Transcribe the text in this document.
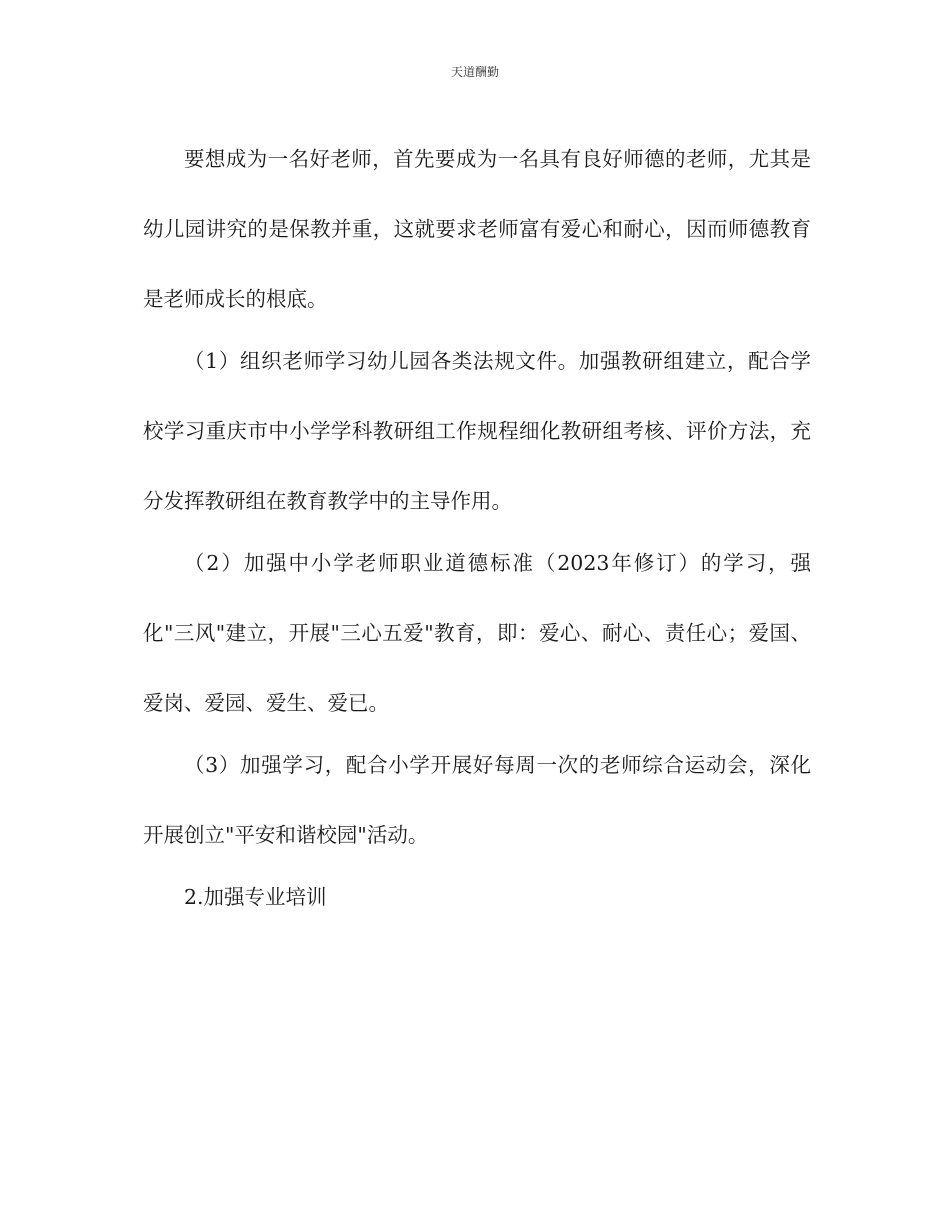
天道酬勤

要想成为一名好老师，首先要成为一名具有良好师德的老师，尤其是幼儿园讲究的是保教并重，这就要求老师富有爱心和耐心，因而师德教育是老师成长的根底。

（1）组织老师学习幼儿园各类法规文件。加强教研组建立，配合学校学习重庆市中小学学科教研组工作规程细化教研组考核、评价方法，充分发挥教研组在教育教学中的主导作用。

（2）加强中小学老师职业道德标准（2023年修订）的学习，强化"三风"建立，开展"三心五爱"教育，即：爱心、耐心、责任心；爱国、爱岗、爱园、爱生、爱已。

（3）加强学习，配合小学开展好每周一次的老师综合运动会，深化开展创立"平安和谐校园"活动。

2.加强专业培训
